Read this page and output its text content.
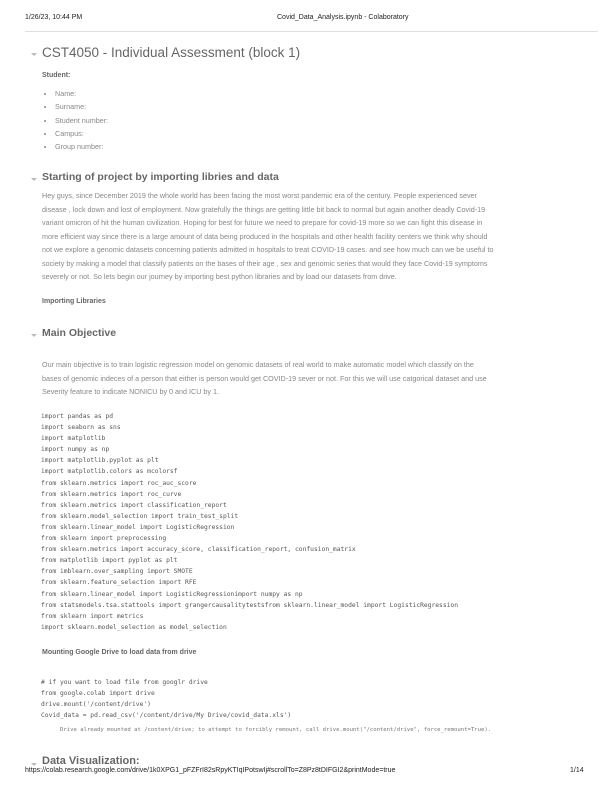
1/26/23, 10:44 PM	Covid_Data_Analysis.ipynb - Colaboratory
CST4050 - Individual Assessment (block 1)
Student:
• Name:
• Surname:
• Student number:
• Campus:
• Group number:
Starting of project by importing libries and data
Hey guys, since December 2019 the whole world has been facing the most worst pandemic era of the century. People experienced sever
disease , lock down and lost of employment. Now gratefully the things are getting little bit back to normal but again another deadly Covid-19
variant omicron of hit the human civilization. Hoping for best for future we need to prepare for covid-19 more so we can fight this disease in
more efficient way since there is a large amount of data being produced in the hospitals and other health facility centers we think why should
not we explore a genomic datasets concerning patients admitted in hospitals to treat COVID-19 cases. and see how much can we be useful to
society by making a model that classify patients on the bases of their age , sex and genomic series that would they face Covid-19 symptoms
severely or not. So lets begin our journey by importing best python libraries and by load our datasets from drive.
Importing Libraries
Main Objective
Our main objective is to train logistic regression model on genomic datasets of real world to make automatic model which classify on the
bases of genomic indeces of a person that either is person would get COVID-19 sever or not. For this we will use catgorical dataset and use
Severity feature to indicate NONICU by 0 and ICU by 1.
import pandas as pd
import seaborn as sns
import matplotlib
import numpy as np
import matplotlib.pyplot as plt
import matplotlib.colors as mcolorsf
from sklearn.metrics import roc_auc_score
from sklearn.metrics import roc_curve
from sklearn.metrics import classification_report
from sklearn.model_selection import train_test_split
from sklearn.linear_model import LogisticRegression
from sklearn import preprocessing
from sklearn.metrics import accuracy_score, classification_report, confusion_matrix
from matplotlib import pyplot as plt
from imblearn.over_sampling import SMOTE
from sklearn.feature_selection import RFE
from sklearn.linear_model import LogisticRegressionimport numpy as np
from statsmodels.tsa.stattools import grangercausalitytestsfrom sklearn.linear_model import LogisticRegression
from sklearn import metrics
import sklearn.model_selection as model_selection
Mounting Google Drive to load data from drive
# if you want to load file from googlr drive
from google.colab import drive
drive.mount('/content/drive')
Covid_data = pd.read_csv('/content/drive/My Drive/covid_data.xls')
Drive already mounted at /content/drive; to attempt to forcibly remount, call drive.mount("/content/drive", force_remount=True).
Data Visualization:
https://colab.research.google.com/drive/1k0XPG1_pFZFrI82sRpyKTIqIPotswIj#scrollTo=Z8Pz8tDIFGI2&printMode=true	1/14
